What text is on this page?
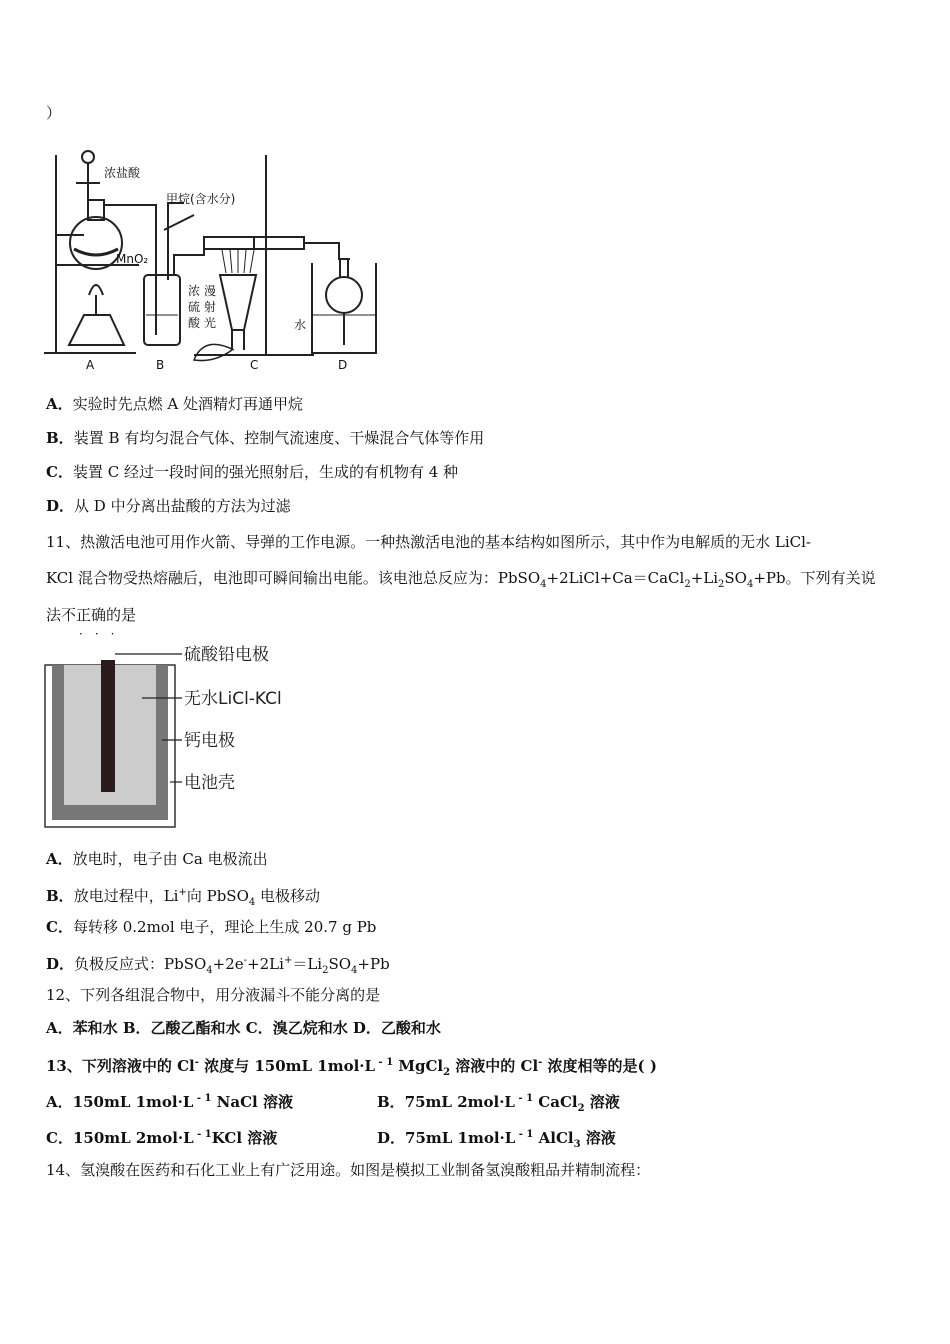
）
浓盐酸
甲烷(含水分)
MnO₂
浓
硫
酸
漫
射
光	水
A	B	C	D
A．实验时先点燃 A 处酒精灯再通甲烷
B．装置 B 有均匀混合气体、控制气流速度、干燥混合气体等作用
C．装置 C 经过一段时间的强光照射后，生成的有机物有 4 种
D．从 D 中分离出盐酸的方法为过滤
11、热激活电池可用作火箭、导弹的工作电源。一种热激活电池的基本结构如图所示，其中作为电解质的无水 LiCl-
KCl 混合物受热熔融后，电池即可瞬间输出电能。该电池总反应为：$PbSO_4+2LiCl+Ca=CaCl_2+Li_2SO_4+Pb$。下列有关说
法不正确
···
的是
硫酸铅电极
无水LiCl-KCl
钙电极
电池壳
A．放电时，电子由 Ca 电极流出
B．放电过程中，Li+向 PbSO$_4$ 电极移动
C．每转移 0.2mol 电子，理论上生成 20.7 g Pb
D．负极反应式：$PbSO_4+2e^-+2Li^+=Li_2SO_4+Pb$
12、下列各组混合物中，用分液漏斗不能分离的是
A．苯和水 B．乙酸乙酯和水 C．溴乙烷和水 D．乙酸和水
13、下列溶液中的 Cl- 浓度与 150mL 1mol·L $^{- 1}$ MgCl$_2$ 溶液中的 Cl- 浓度相等的是( )
A．150mL 1mol·L $^{- 1}$ NaCl 溶液	B．75mL 2mol·L $^{- 1}$ CaCl$_2$ 溶液
C．150mL 2mol·L $^{- 1}$KCl 溶液	D．75mL 1mol·L $^{- 1}$ AlCl$_3$ 溶液
14、氢溴酸在医药和石化工业上有广泛用途。如图是模拟工业制备氢溴酸粗品并精制流程：
